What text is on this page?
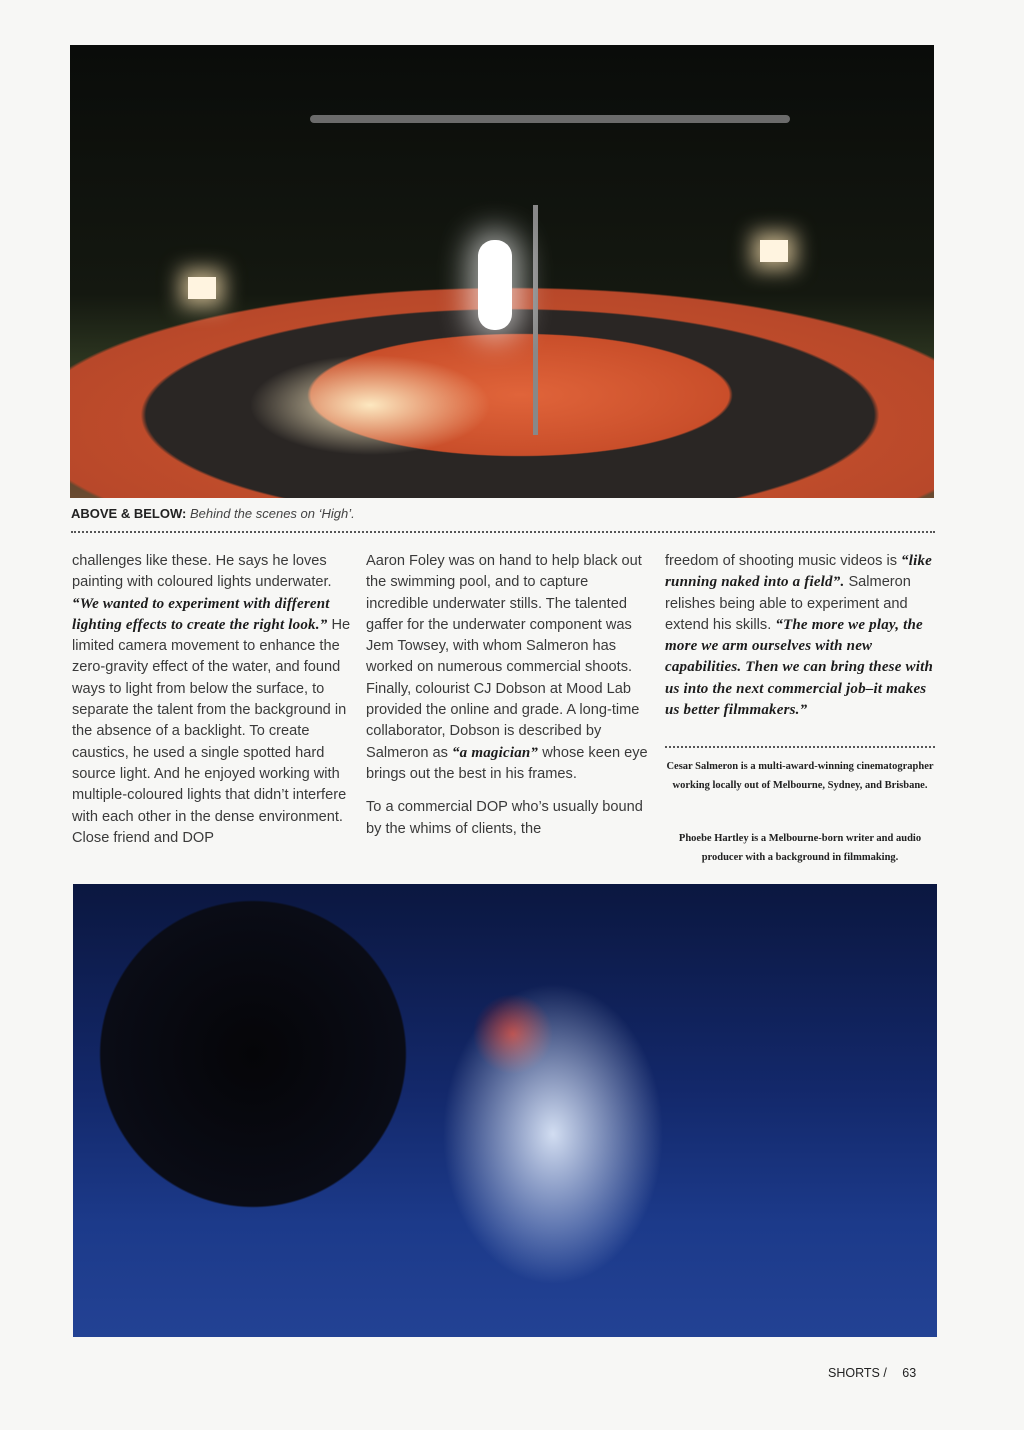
ABOVE & BELOW: Behind the scenes on ‘High’.

challenges like these. He says he loves painting with coloured lights underwater. “We wanted to experiment with different lighting effects to create the right look.” He limited camera movement to enhance the zero-gravity effect of the water, and found ways to light from below the surface, to separate the talent from the background in the absence of a backlight. To create caustics, he used a single spotted hard source light. And he enjoyed working with multiple-coloured lights that didn’t interfere with each other in the dense environment. Close friend and DOP

Aaron Foley was on hand to help black out the swimming pool, and to capture incredible underwater stills. The talented gaffer for the underwater component was Jem Towsey, with whom Salmeron has worked on numerous commercial shoots. Finally, colourist CJ Dobson at Mood Lab provided the online and grade. A long-time collaborator, Dobson is described by Salmeron as “a magician” whose keen eye brings out the best in his frames.

To a commercial DOP who’s usually bound by the whims of clients, the

freedom of shooting music videos is “like running naked into a field”. Salmeron relishes being able to experiment and extend his skills. “The more we play, the more we arm ourselves with new capabilities. Then we can bring these with us into the next commercial job–it makes us better filmmakers.”

Cesar Salmeron is a multi-award-winning cinematographer working locally out of Melbourne, Sydney, and Brisbane.
Phoebe Hartley is a Melbourne-born writer and audio producer with a background in filmmaking.
SHORTS / 63
